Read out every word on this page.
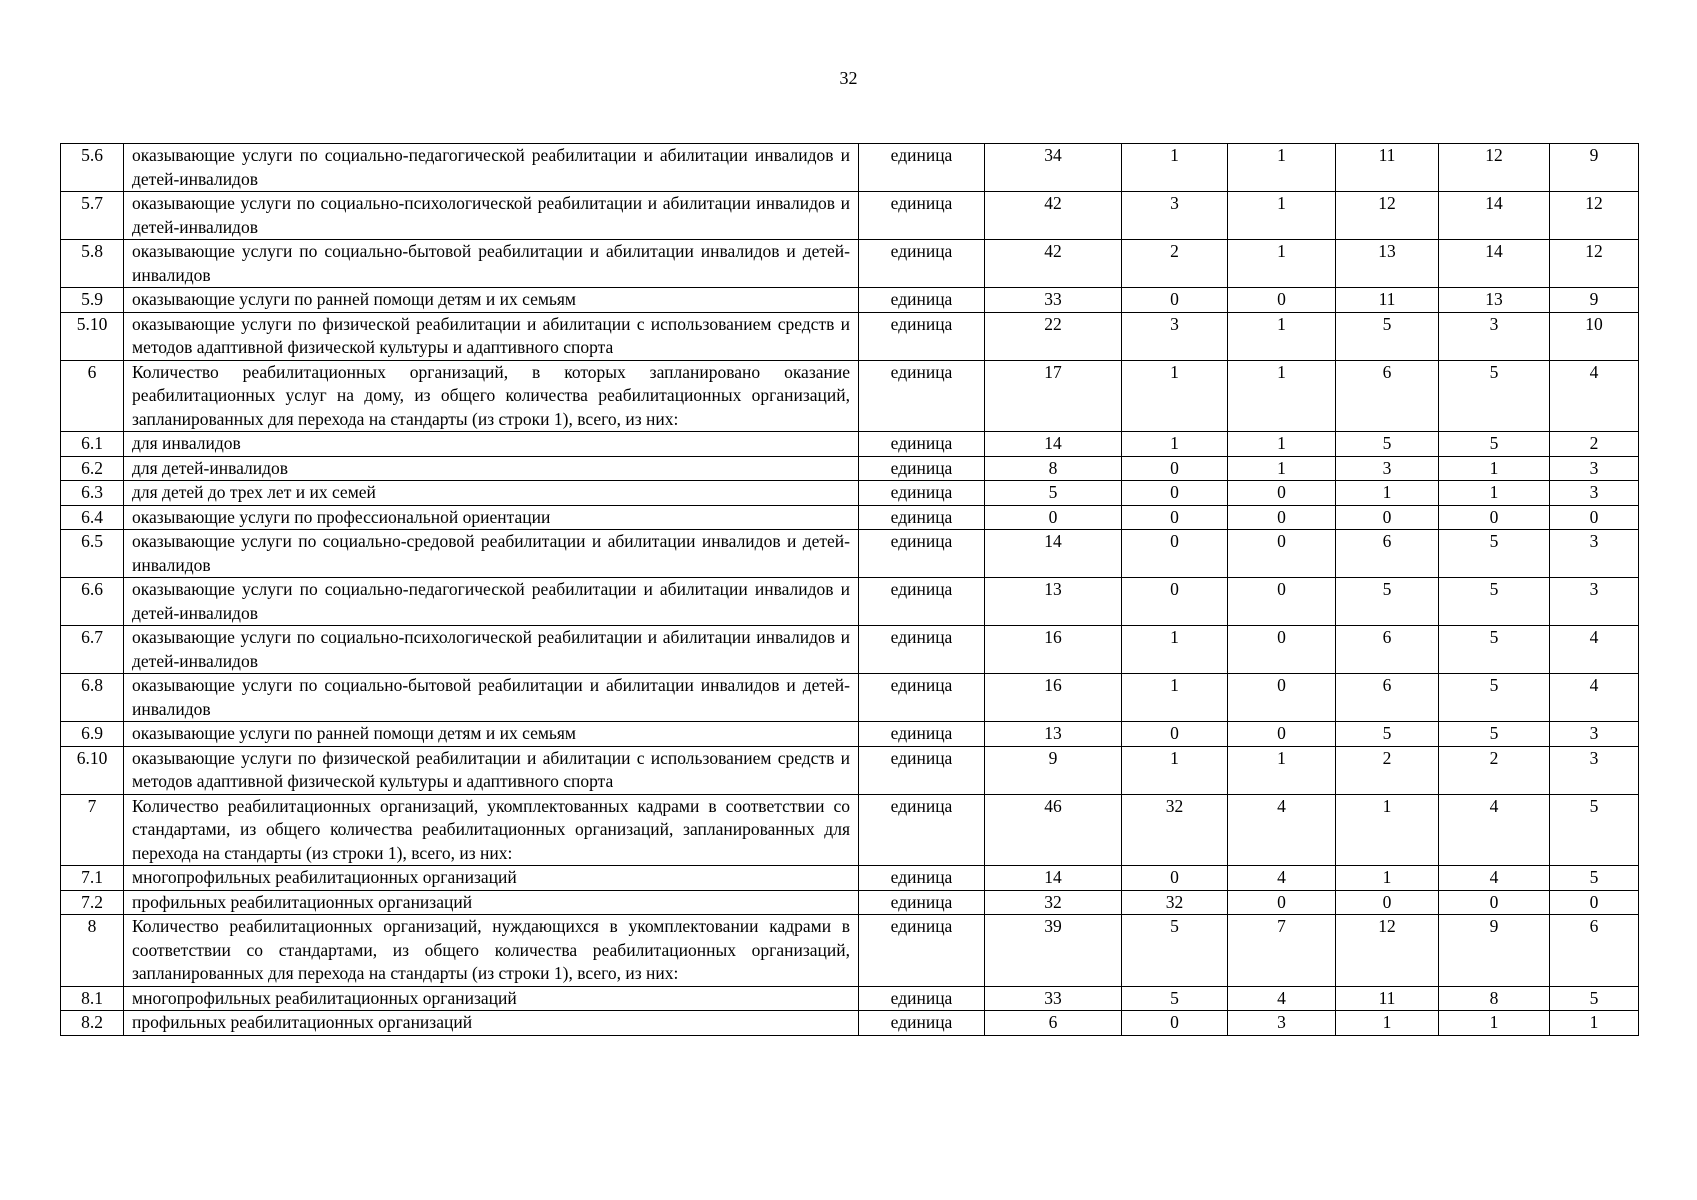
32
5.6	оказывающие услуги по социально-педагогической реабилитации и абилитации инвалидов и детей-инвалидов	единица	34	1	1	11	12	9
5.7	оказывающие услуги по социально-психологической реабилитации и абилитации инвалидов и детей-инвалидов	единица	42	3	1	12	14	12
5.8	оказывающие услуги по социально-бытовой реабилитации и абилитации инвалидов и детей-инвалидов	единица	42	2	1	13	14	12
5.9	оказывающие услуги по ранней помощи детям и их семьям	единица	33	0	0	11	13	9
5.10	оказывающие услуги по физической реабилитации и абилитации с использованием средств и методов адаптивной физической культуры и адаптивного спорта	единица	22	3	1	5	3	10
6	Количество реабилитационных организаций, в которых запланировано оказание реабилитационных услуг на дому, из общего количества реабилитационных организаций, запланированных для перехода на стандарты (из строки 1), всего, из них:	единица	17	1	1	6	5	4
6.1	для инвалидов	единица	14	1	1	5	5	2
6.2	для детей-инвалидов	единица	8	0	1	3	1	3
6.3	для детей до трех лет и их семей	единица	5	0	0	1	1	3
6.4	оказывающие услуги по профессиональной ориентации	единица	0	0	0	0	0	0
6.5	оказывающие услуги по социально-средовой реабилитации и абилитации инвалидов и детей-инвалидов	единица	14	0	0	6	5	3
6.6	оказывающие услуги по социально-педагогической реабилитации и абилитации инвалидов и детей-инвалидов	единица	13	0	0	5	5	3
6.7	оказывающие услуги по социально-психологической реабилитации и абилитации инвалидов и детей-инвалидов	единица	16	1	0	6	5	4
6.8	оказывающие услуги по социально-бытовой реабилитации и абилитации инвалидов и детей-инвалидов	единица	16	1	0	6	5	4
6.9	оказывающие услуги по ранней помощи детям и их семьям	единица	13	0	0	5	5	3
6.10	оказывающие услуги по физической реабилитации и абилитации с использованием средств и методов адаптивной физической культуры и адаптивного спорта	единица	9	1	1	2	2	3
7	Количество реабилитационных организаций, укомплектованных кадрами в соответствии со стандартами, из общего количества реабилитационных организаций, запланированных для перехода на стандарты (из строки 1), всего, из них:	единица	46	32	4	1	4	5
7.1	многопрофильных реабилитационных организаций	единица	14	0	4	1	4	5
7.2	профильных реабилитационных организаций	единица	32	32	0	0	0	0
8	Количество реабилитационных организаций, нуждающихся в укомплектовании кадрами в соответствии со стандартами, из общего количества реабилитационных организаций, запланированных для перехода на стандарты (из строки 1), всего, из них:	единица	39	5	7	12	9	6
8.1	многопрофильных реабилитационных организаций	единица	33	5	4	11	8	5
8.2	профильных реабилитационных организаций	единица	6	0	3	1	1	1
